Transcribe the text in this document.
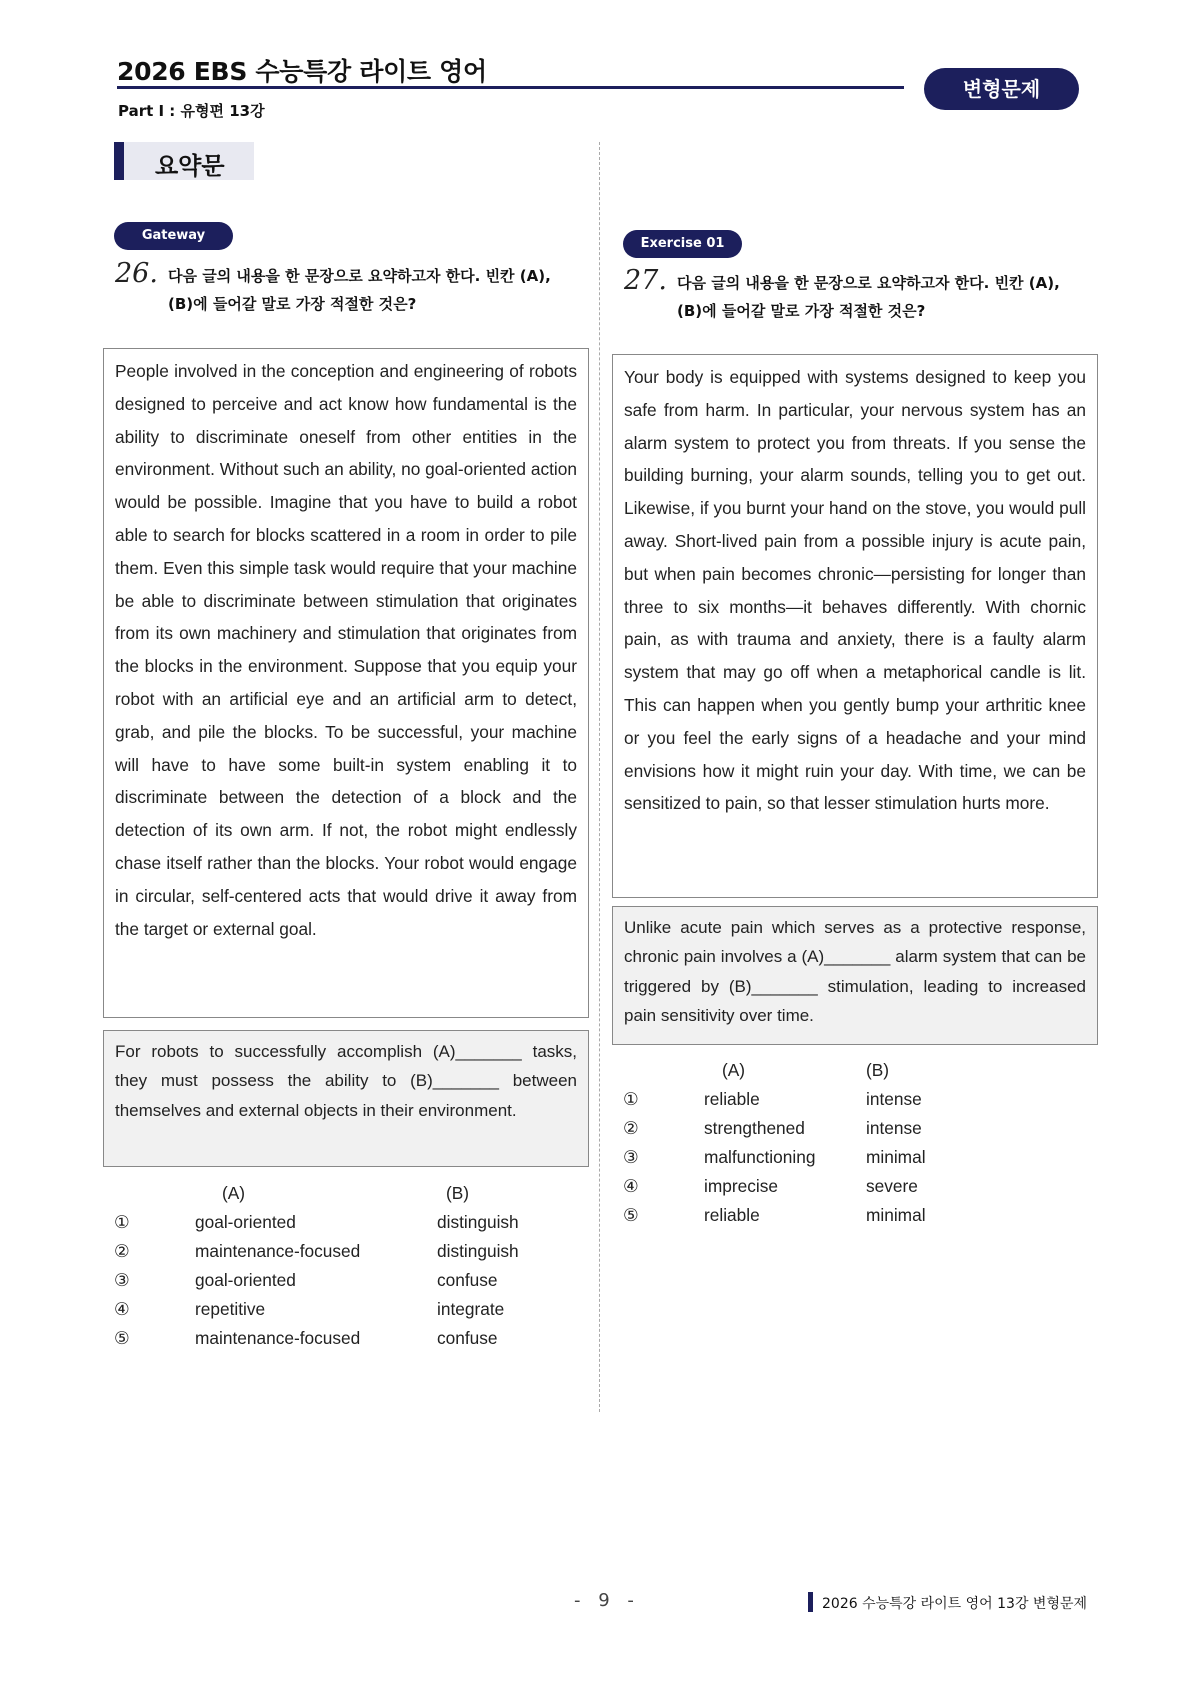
2026 EBS 수능특강 라이트 영어
변형문제
Part Ⅰ : 유형편 13강
요약문
Gateway
26. 다음 글의 내용을 한 문장으로 요약하고자 한다. 빈칸 (A),
(B)에 들어갈 말로 가장 적절한 것은?
People involved in the conception and engineering of robots designed to perceive and act know how fundamental is the ability to discriminate oneself from other entities in the environment. Without such an ability, no goal-oriented action would be possible. Imagine that you have to build a robot able to search for blocks scattered in a room in order to pile them. Even this simple task would require that your machine be able to discriminate between stimulation that originates from its own machinery and stimulation that originates from the blocks in the environment. Suppose that you equip your robot with an artificial eye and an artificial arm to detect, grab, and pile the blocks. To be successful, your machine will have to have some built-in system enabling it to discriminate between the detection of a block and the detection of its own arm. If not, the robot might endlessly chase itself rather than the blocks. Your robot would engage in circular, self-centered acts that would drive it away from the target or external goal.
For robots to successfully accomplish (A)_______ tasks, they must possess the ability to (B)_______ between themselves and external objects in their environment.
(A)	(B)
①	goal-oriented	distinguish
②	maintenance-focused	distinguish
③	goal-oriented	confuse
④	repetitive	integrate
⑤	maintenance-focused	confuse
Exercise 01
27. 다음 글의 내용을 한 문장으로 요약하고자 한다. 빈칸 (A),
(B)에 들어갈 말로 가장 적절한 것은?
Your body is equipped with systems designed to keep you safe from harm. In particular, your nervous system has an alarm system to protect you from threats. If you sense the building burning, your alarm sounds, telling you to get out. Likewise, if you burnt your hand on the stove, you would pull away. Short-lived pain from a possible injury is acute pain, but when pain becomes chronic—persisting for longer than three to six months—it behaves differently. With chornic pain, as with trauma and anxiety, there is a faulty alarm system that may go off when a metaphorical candle is lit. This can happen when you gently bump your arthritic knee or you feel the early signs of a headache and your mind envisions how it might ruin your day. With time, we can be sensitized to pain, so that lesser stimulation hurts more.
Unlike acute pain which serves as a protective response, chronic pain involves a (A)_______ alarm system that can be triggered by (B)_______ stimulation, leading to increased pain sensitivity over time.
(A)	(B)
①	reliable	intense
②	strengthened	intense
③	malfunctioning	minimal
④	imprecise	severe
⑤	reliable	minimal
- 9 -	2026 수능특강 라이트 영어 13강 변형문제
